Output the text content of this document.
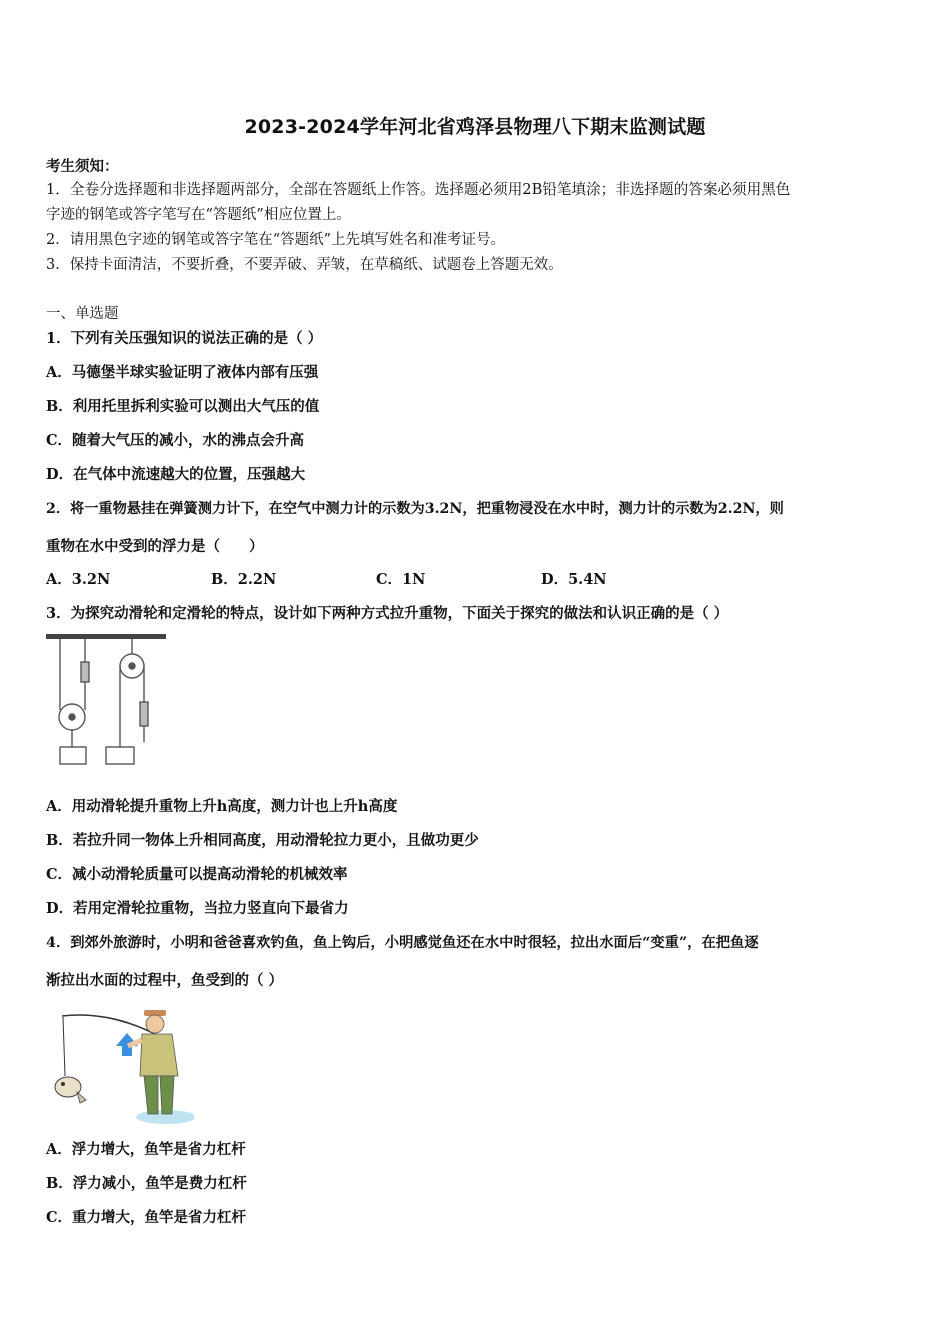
2023-2024学年河北省鸡泽县物理八下期末监测试题
考生须知：
1．全卷分选择题和非选择题两部分，全部在答题纸上作答。选择题必须用2B铅笔填涂；非选择题的答案必须用黑色
字迹的钢笔或答字笔写在“答题纸”相应位置上。
2．请用黑色字迹的钢笔或答字笔在“答题纸”上先填写姓名和准考证号。
3．保持卡面清洁，不要折叠，不要弄破、弄皱，在草稿纸、试题卷上答题无效。
一、单选题
1．下列有关压强知识的说法正确的是（ ）
A．马德堡半球实验证明了液体内部有压强
B．利用托里拆利实验可以测出大气压的值
C．随着大气压的减小，水的沸点会升高
D．在气体中流速越大的位置，压强越大
2．将一重物悬挂在弹簧测力计下，在空气中测力计的示数为3.2N，把重物浸没在水中时，测力计的示数为2.2N，则
重物在水中受到的浮力是（　　）
A．3.2N	B．2.2N	C．1N	D．5.4N
3．为探究动滑轮和定滑轮的特点，设计如下两种方式拉升重物，下面关于探究的做法和认识正确的是（ ）
A．用动滑轮提升重物上升h高度，测力计也上升h高度
B．若拉升同一物体上升相同高度，用动滑轮拉力更小，且做功更少
C．减小动滑轮质量可以提高动滑轮的机械效率
D．若用定滑轮拉重物，当拉力竖直向下最省力
4．到郊外旅游时，小明和爸爸喜欢钓鱼，鱼上钩后，小明感觉鱼还在水中时很轻，拉出水面后“变重”，在把鱼逐
渐拉出水面的过程中，鱼受到的（ ）
A．浮力增大，鱼竿是省力杠杆
B．浮力减小，鱼竿是费力杠杆
C．重力增大，鱼竿是省力杠杆
